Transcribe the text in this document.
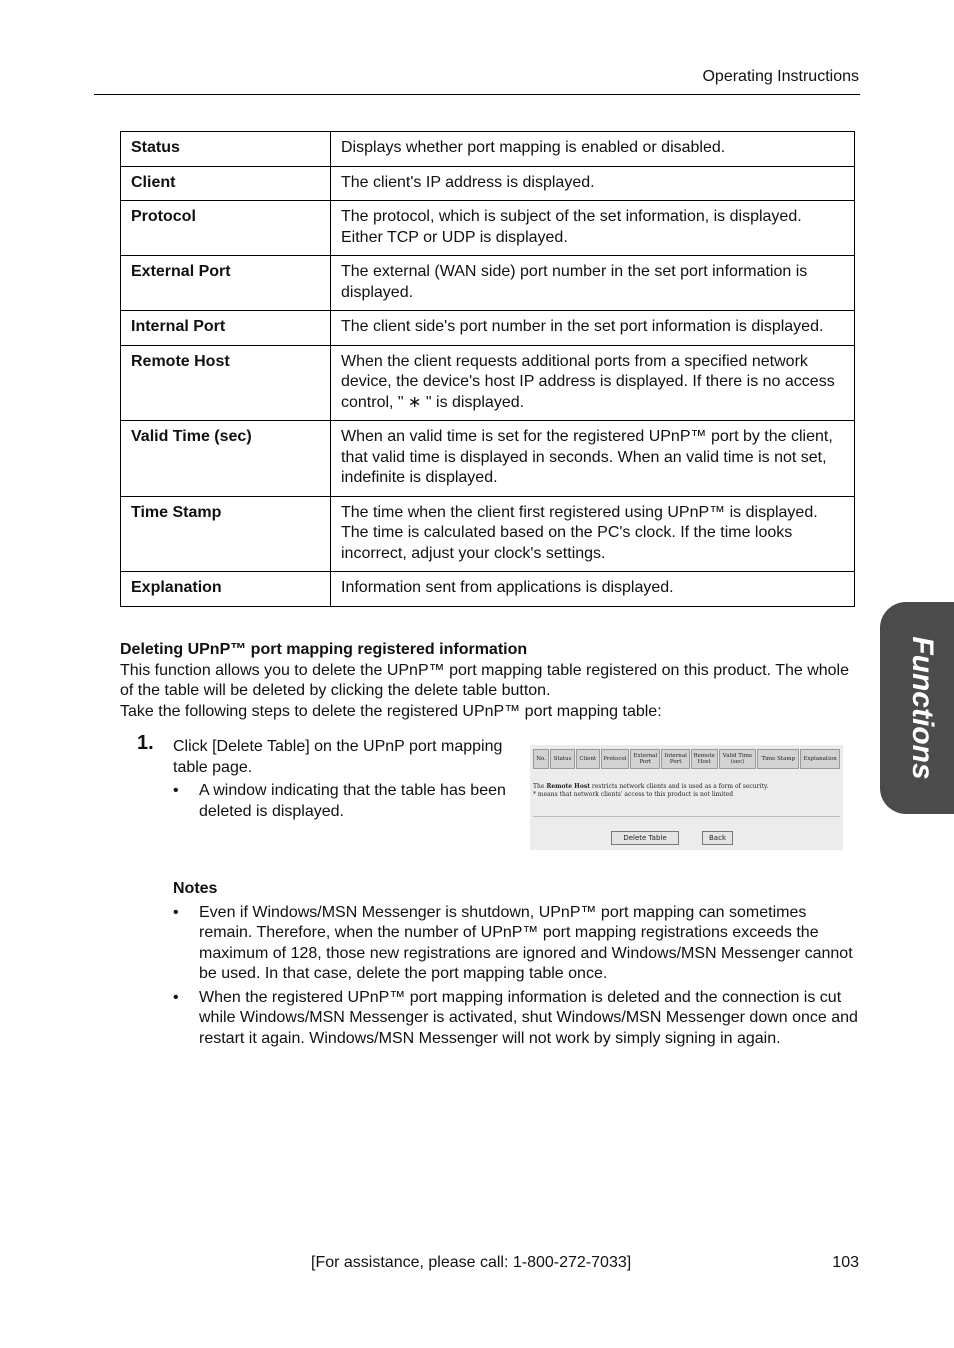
Operating Instructions
Status	Displays whether port mapping is enabled or disabled.
Client	The client's IP address is displayed.
Protocol	The protocol, which is subject of the set information, is displayed. Either TCP or UDP is displayed.
External Port	The external (WAN side) port number in the set port information is displayed.
Internal Port	The client side's port number in the set port information is displayed.
Remote Host	When the client requests additional ports from a specified network device, the device's host IP address is displayed. If there is no access control, " ∗ " is displayed.
Valid Time (sec)	When an valid time is set for the registered UPnP™ port by the client, that valid time is displayed in seconds. When an valid time is not set, indefinite is displayed.
Time Stamp	The time when the client first registered using UPnP™ is displayed. The time is calculated based on the PC's clock. If the time looks incorrect, adjust your clock's settings.
Explanation	Information sent from applications is displayed.
Deleting UPnP™ port mapping registered information

This function allows you to delete the UPnP™ port mapping table registered on this product. The whole of the table will be deleted by clicking the delete table button.

Take the following steps to delete the registered UPnP™ port mapping table:

1. Click [Delete Table] on the UPnP port mapping table page.
• A window indicating that the table has been deleted is displayed.
No.	Status	Client	Protocol	External Port
Internal Port
Remote Host
Valid Time (sec)	Time Stamp	Explanation
The Remote Host restricts network clients and is used as a form of security.
* means that network clients' access to this product is not limited
Delete Table	Back
Notes
• Even if Windows/MSN Messenger is shutdown, UPnP™ port mapping can sometimes remain. Therefore, when the number of UPnP™ port mapping registrations exceeds the maximum of 128, those new registrations are ignored and Windows/MSN Messenger cannot be used. In that case, delete the port mapping table once.
• When the registered UPnP™ port mapping information is deleted and the connection is cut while Windows/MSN Messenger is activated, shut Windows/MSN Messenger down once and restart it again. Windows/MSN Messenger will not work by simply signing in again.
Functions
[For assistance, please call: 1-800-272-7033]	103
